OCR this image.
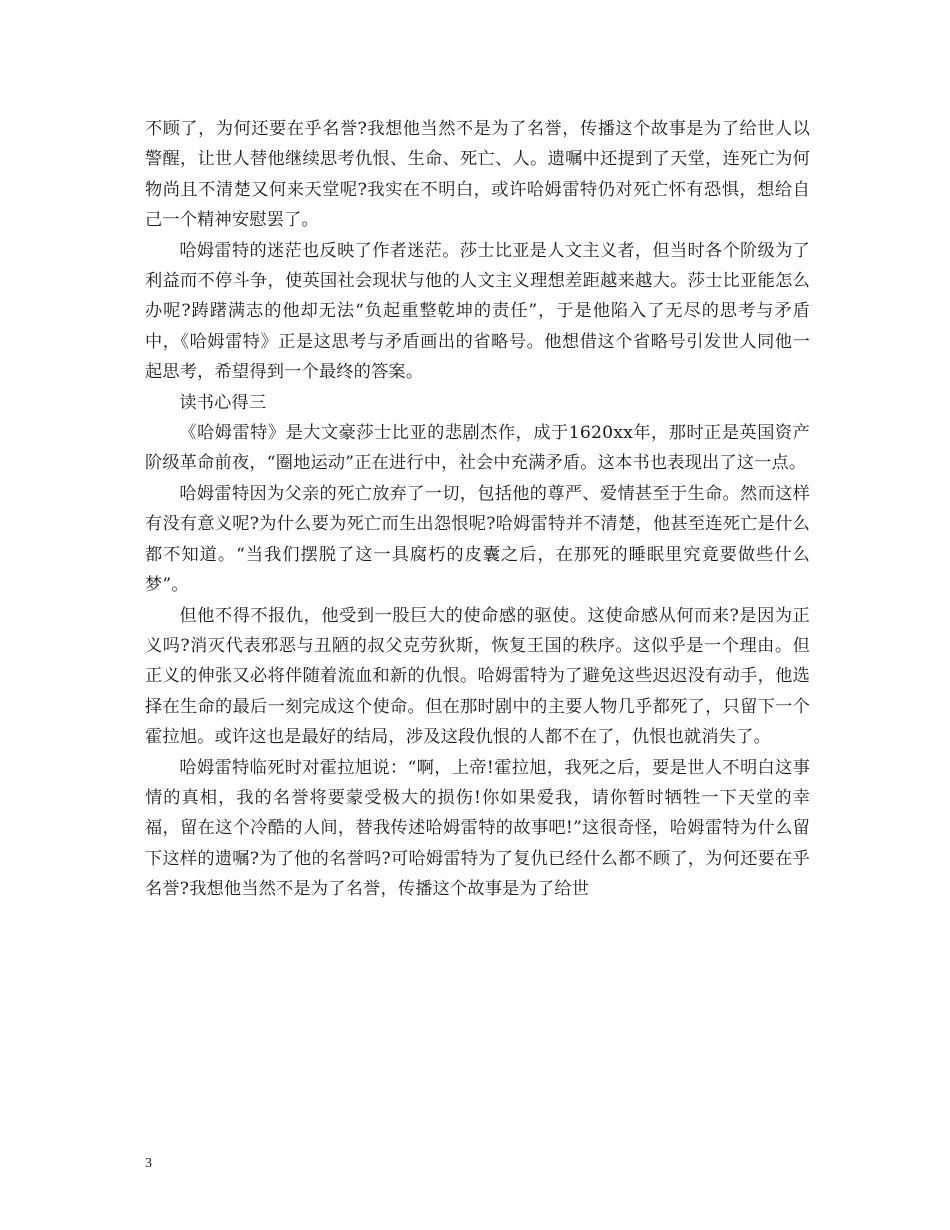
不顾了，为何还要在乎名誉?我想他当然不是为了名誉，传播这个故事是为了给世人以警醒，让世人替他继续思考仇恨、生命、死亡、人。遗嘱中还提到了天堂，连死亡为何物尚且不清楚又何来天堂呢?我实在不明白，或许哈姆雷特仍对死亡怀有恐惧，想给自己一个精神安慰罢了。

哈姆雷特的迷茫也反映了作者迷茫。莎士比亚是人文主义者，但当时各个阶级为了利益而不停斗争，使英国社会现状与他的人文主义理想差距越来越大。莎士比亚能怎么办呢?踌躇满志的他却无法“负起重整乾坤的责任”，于是他陷入了无尽的思考与矛盾中，《哈姆雷特》正是这思考与矛盾画出的省略号。他想借这个省略号引发世人同他一起思考，希望得到一个最终的答案。

读书心得三

《哈姆雷特》是大文豪莎士比亚的悲剧杰作，成于1620xx年，那时正是英国资产阶级革命前夜，“圈地运动”正在进行中，社会中充满矛盾。这本书也表现出了这一点。

哈姆雷特因为父亲的死亡放弃了一切，包括他的尊严、爱情甚至于生命。然而这样有没有意义呢?为什么要为死亡而生出怨恨呢?哈姆雷特并不清楚，他甚至连死亡是什么都不知道。“当我们摆脱了这一具腐朽的皮囊之后，在那死的睡眠里究竟要做些什么梦”。

但他不得不报仇，他受到一股巨大的使命感的驱使。这使命感从何而来?是因为正义吗?消灭代表邪恶与丑陋的叔父克劳狄斯，恢复王国的秩序。这似乎是一个理由。但正义的伸张又必将伴随着流血和新的仇恨。哈姆雷特为了避免这些迟迟没有动手，他选择在生命的最后一刻完成这个使命。但在那时剧中的主要人物几乎都死了，只留下一个霍拉旭。或许这也是最好的结局，涉及这段仇恨的人都不在了，仇恨也就消失了。

哈姆雷特临死时对霍拉旭说：“啊，上帝!霍拉旭，我死之后，要是世人不明白这事情的真相，我的名誉将要蒙受极大的损伤!你如果爱我，请你暂时牺牲一下天堂的幸福，留在这个冷酷的人间，替我传述哈姆雷特的故事吧!”这很奇怪，哈姆雷特为什么留下这样的遗嘱?为了他的名誉吗?可哈姆雷特为了复仇已经什么都不顾了，为何还要在乎名誉?我想他当然不是为了名誉，传播这个故事是为了给世

3
